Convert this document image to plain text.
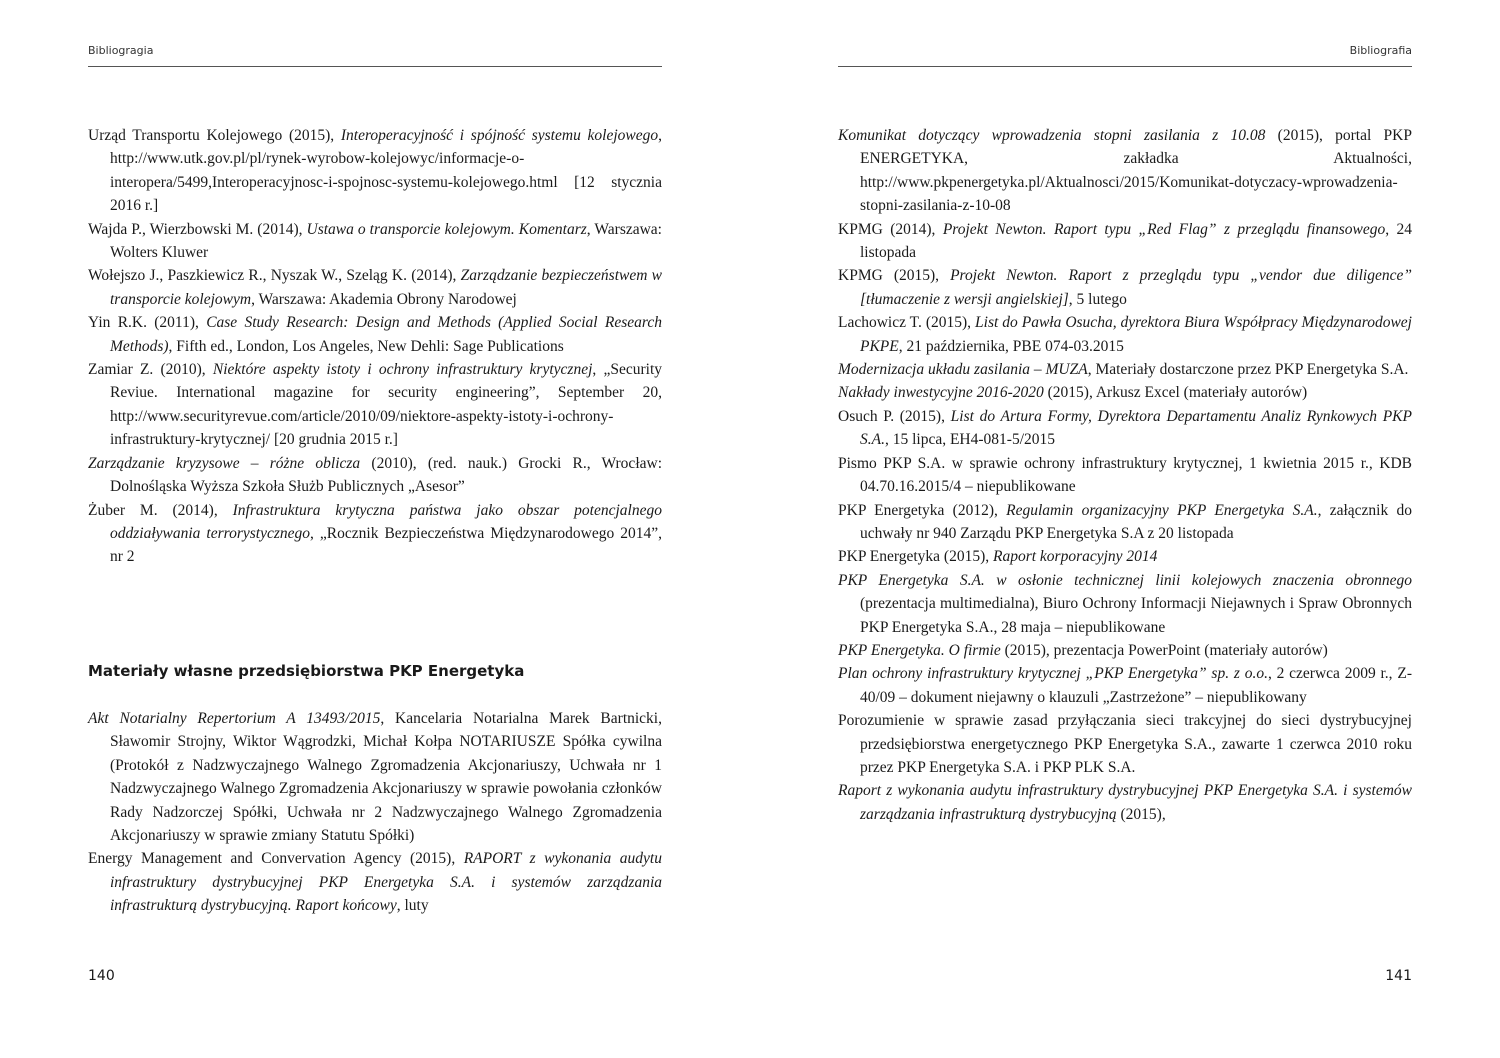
Bibliogragia

Urząd Transportu Kolejowego (2015), Interoperacyjność i spójność systemu kolejowego, http://www.utk.gov.pl/pl/rynek-wyrobow-kolejowyc/informacje-o-interopera/5499,Interoperacyjnosc-i-spojnosc-systemu-kolejowego.html [12 stycznia 2016 r.]

Wajda P., Wierzbowski M. (2014), Ustawa o transporcie kolejowym. Komentarz, Warszawa: Wolters Kluwer

Wołejszo J., Paszkiewicz R., Nyszak W., Szeląg K. (2014), Zarządzanie bezpieczeństwem w transporcie kolejowym, Warszawa: Akademia Obrony Narodowej

Yin R.K. (2011), Case Study Research: Design and Methods (Applied Social Research Methods), Fifth ed., London, Los Angeles, New Dehli: Sage Publications

Zamiar Z. (2010), Niektóre aspekty istoty i ochrony infrastruktury krytycznej, „Security Reviue. International magazine for security engineering”, September 20, http://www.securityrevue.com/article/2010/09/niektore-aspekty-istoty-i-ochrony-infrastruktury-krytycznej/ [20 grudnia 2015 r.]

Zarządzanie kryzysowe – różne oblicza (2010), (red. nauk.) Grocki R., Wrocław: Dolnośląska Wyższa Szkoła Służb Publicznych „Asesor”

Żuber M. (2014), Infrastruktura krytyczna państwa jako obszar potencjalnego oddziaływania terrorystycznego, „Rocznik Bezpieczeństwa Międzynarodowego 2014”, nr 2

Materiały własne przedsiębiorstwa PKP Energetyka

Akt Notarialny Repertorium A 13493/2015, Kancelaria Notarialna Marek Bartnicki, Sławomir Strojny, Wiktor Wągrodzki, Michał Kołpa NOTARIUSZE Spółka cywilna (Protokół z Nadzwyczajnego Walnego Zgromadzenia Akcjonariuszy, Uchwała nr 1 Nadzwyczajnego Walnego Zgromadzenia Akcjonariuszy w sprawie powołania członków Rady Nadzorczej Spółki, Uchwała nr 2 Nadzwyczajnego Walnego Zgromadzenia Akcjonariuszy w sprawie zmiany Statutu Spółki)

Energy Management and Convervation Agency (2015), RAPORT z wykonania audytu infrastruktury dystrybucyjnej PKP Energetyka S.A. i systemów zarządzania infrastrukturą dystrybucyjną. Raport końcowy, luty

140
Bibliografia

Komunikat dotyczący wprowadzenia stopni zasilania z 10.08 (2015), portal PKP ENERGETYKA, zakładka Aktualności, http://www.pkpenergetyka.pl/Aktualnosci/2015/Komunikat-dotyczacy-wprowadzenia-stopni-zasilania-z-10-08

KPMG (2014), Projekt Newton. Raport typu „Red Flag” z przeglądu finansowego, 24 listopada

KPMG (2015), Projekt Newton. Raport z przeglądu typu „vendor due diligence” [tłumaczenie z wersji angielskiej], 5 lutego

Lachowicz T. (2015), List do Pawła Osucha, dyrektora Biura Współpracy Międzynarodowej PKPE, 21 października, PBE 074-03.2015

Modernizacja układu zasilania – MUZA, Materiały dostarczone przez PKP Energetyka S.A.

Nakłady inwestycyjne 2016-2020 (2015), Arkusz Excel (materiały autorów)

Osuch P. (2015), List do Artura Formy, Dyrektora Departamentu Analiz Rynkowych PKP S.A., 15 lipca, EH4-081-5/2015

Pismo PKP S.A. w sprawie ochrony infrastruktury krytycznej, 1 kwietnia 2015 r., KDB 04.70.16.2015/4 – niepublikowane

PKP Energetyka (2012), Regulamin organizacyjny PKP Energetyka S.A., załącznik do uchwały nr 940 Zarządu PKP Energetyka S.A z 20 listopada

PKP Energetyka (2015), Raport korporacyjny 2014

PKP Energetyka S.A. w osłonie technicznej linii kolejowych znaczenia obronnego (prezentacja multimedialna), Biuro Ochrony Informacji Niejawnych i Spraw Obronnych PKP Energetyka S.A., 28 maja – niepublikowane

PKP Energetyka. O firmie (2015), prezentacja PowerPoint (materiały autorów)

Plan ochrony infrastruktury krytycznej „PKP Energetyka” sp. z o.o., 2 czerwca 2009 r., Z-40/09 – dokument niejawny o klauzuli „Zastrzeżone” – niepublikowany

Porozumienie w sprawie zasad przyłączania sieci trakcyjnej do sieci dystrybucyjnej przedsiębiorstwa energetycznego PKP Energetyka S.A., zawarte 1 czerwca 2010 roku przez PKP Energetyka S.A. i PKP PLK S.A.

Raport z wykonania audytu infrastruktury dystrybucyjnej PKP Energetyka S.A. i systemów zarządzania infrastrukturą dystrybucyjną (2015),

141
